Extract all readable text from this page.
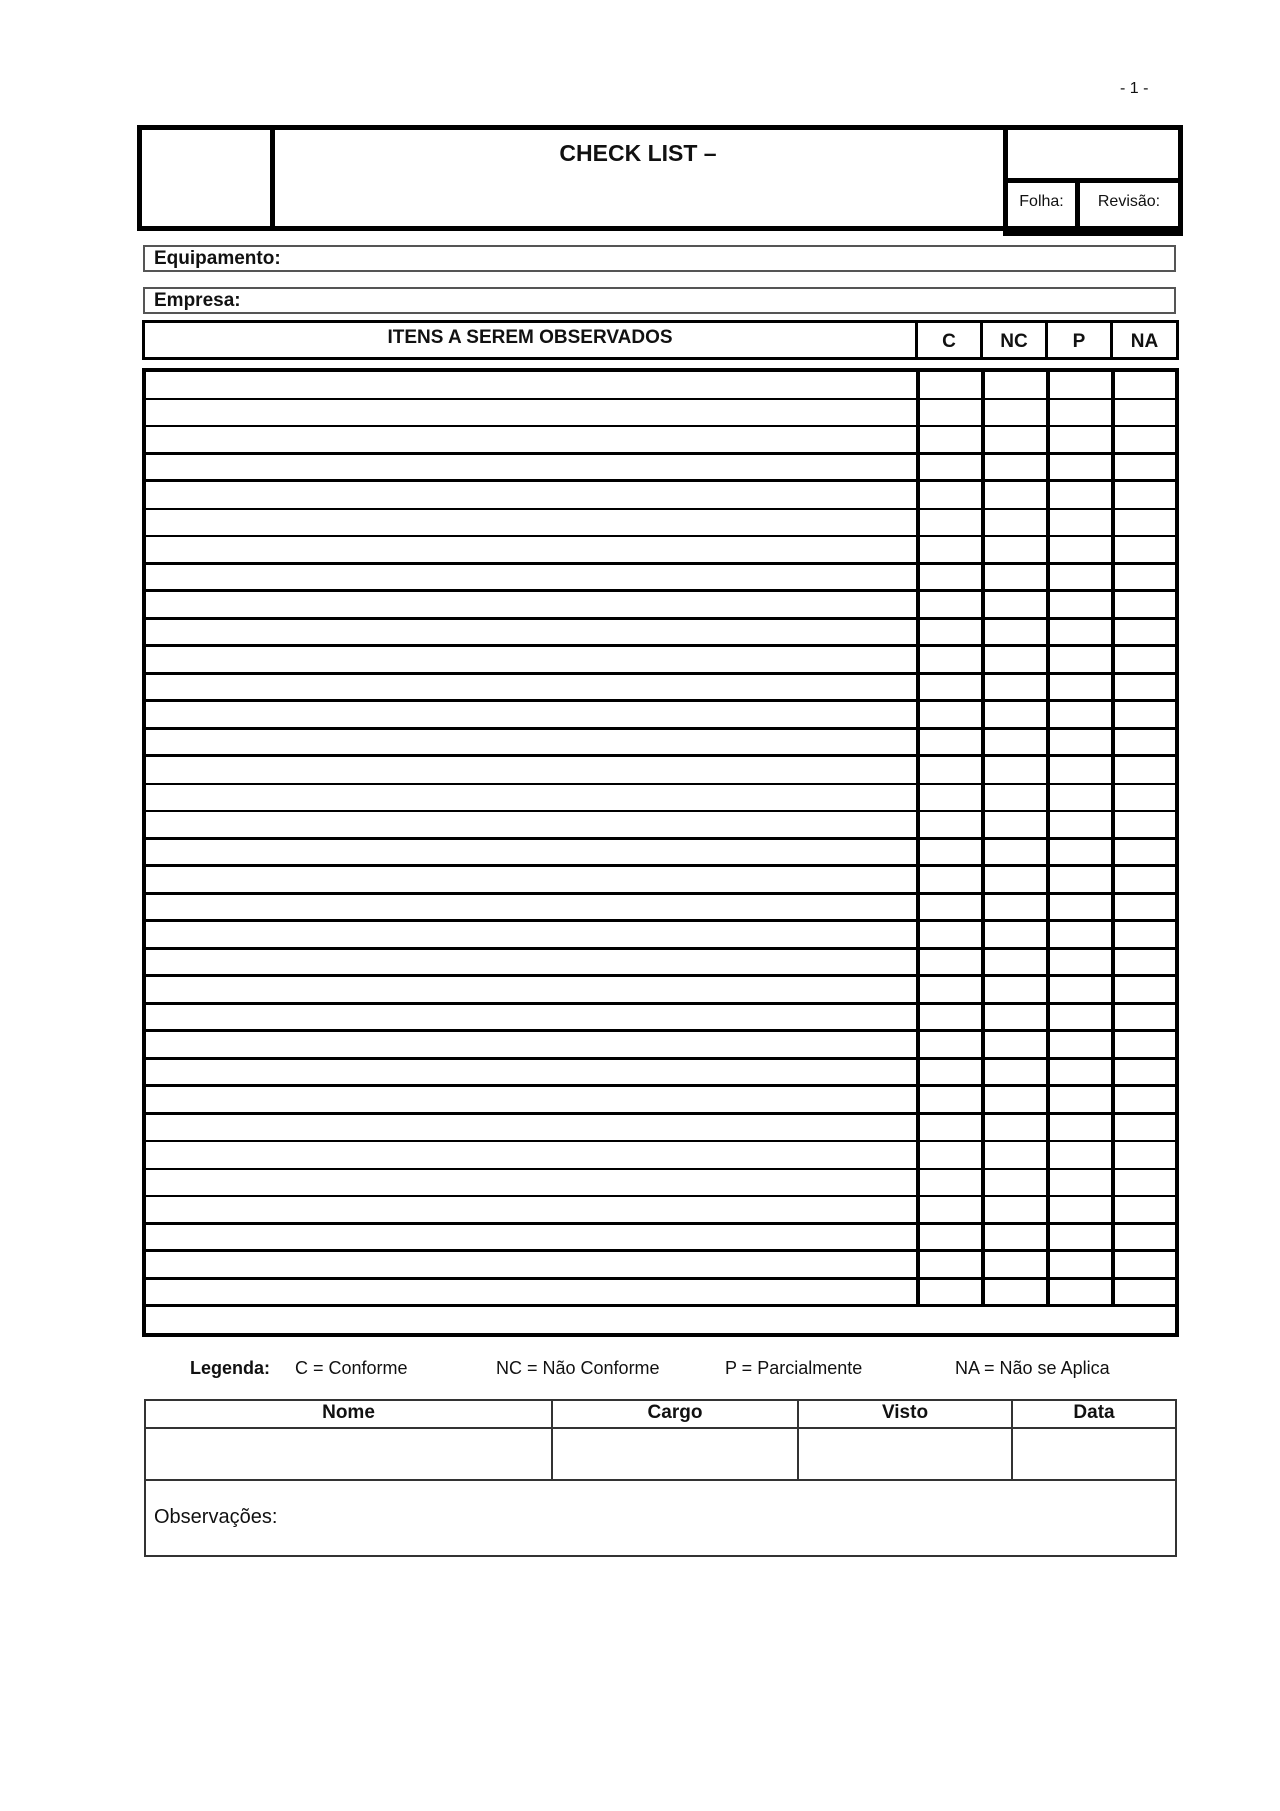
- 1 -
CHECK LIST –
Folha:	Revisão:
Equipamento:
Empresa:
ITENS A SEREM OBSERVADOS	C	NC	P	NA
Legenda: C = Conforme	NC = Não Conforme	P = Parcialmente	NA = Não se Aplica
Nome	Cargo	Visto	Data
Observações:
